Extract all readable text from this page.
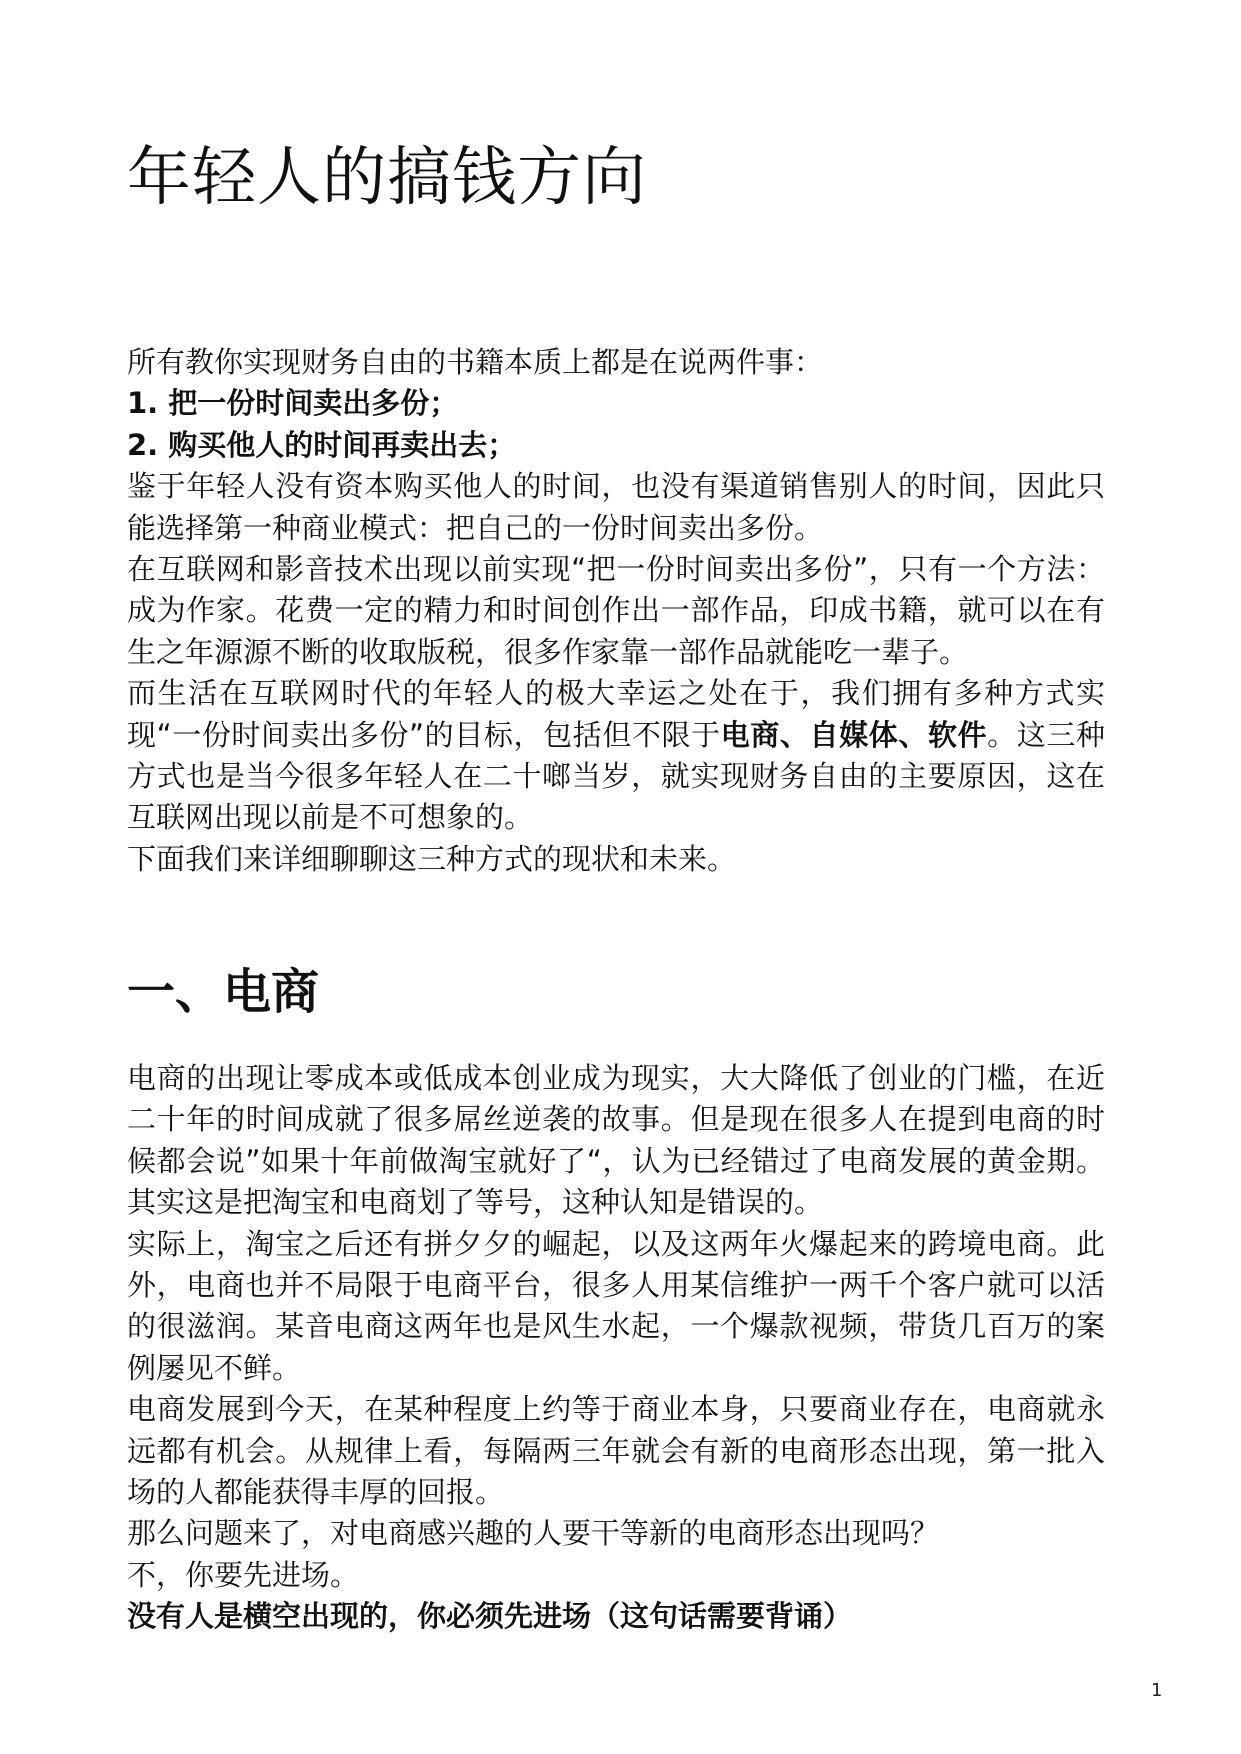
年轻人的搞钱方向

所有教你实现财务自由的书籍本质上都是在说两件事：

1. 把一份时间卖出多份；

2. 购买他人的时间再卖出去；

鉴于年轻人没有资本购买他人的时间，也没有渠道销售别人的时间，因此只能选择第一种商业模式：把自己的一份时间卖出多份。

在互联网和影音技术出现以前实现“把一份时间卖出多份”，只有一个方法：成为作家。花费一定的精力和时间创作出一部作品，印成书籍，就可以在有生之年源源不断的收取版税，很多作家靠一部作品就能吃一辈子。

而生活在互联网时代的年轻人的极大幸运之处在于，我们拥有多种方式实现“一份时间卖出多份”的目标，包括但不限于电商、自媒体、软件。这三种方式也是当今很多年轻人在二十啷当岁，就实现财务自由的主要原因，这在互联网出现以前是不可想象的。

下面我们来详细聊聊这三种方式的现状和未来。

一、电商

电商的出现让零成本或低成本创业成为现实，大大降低了创业的门槛，在近二十年的时间成就了很多屌丝逆袭的故事。但是现在很多人在提到电商的时候都会说”如果十年前做淘宝就好了“，认为已经错过了电商发展的黄金期。其实这是把淘宝和电商划了等号，这种认知是错误的。

实际上，淘宝之后还有拼夕夕的崛起，以及这两年火爆起来的跨境电商。此外，电商也并不局限于电商平台，很多人用某信维护一两千个客户就可以活的很滋润。某音电商这两年也是风生水起，一个爆款视频，带货几百万的案例屡见不鲜。

电商发展到今天，在某种程度上约等于商业本身，只要商业存在，电商就永远都有机会。从规律上看，每隔两三年就会有新的电商形态出现，第一批入场的人都能获得丰厚的回报。

那么问题来了，对电商感兴趣的人要干等新的电商形态出现吗？

不，你要先进场。

没有人是横空出现的，你必须先进场（这句话需要背诵）

1
